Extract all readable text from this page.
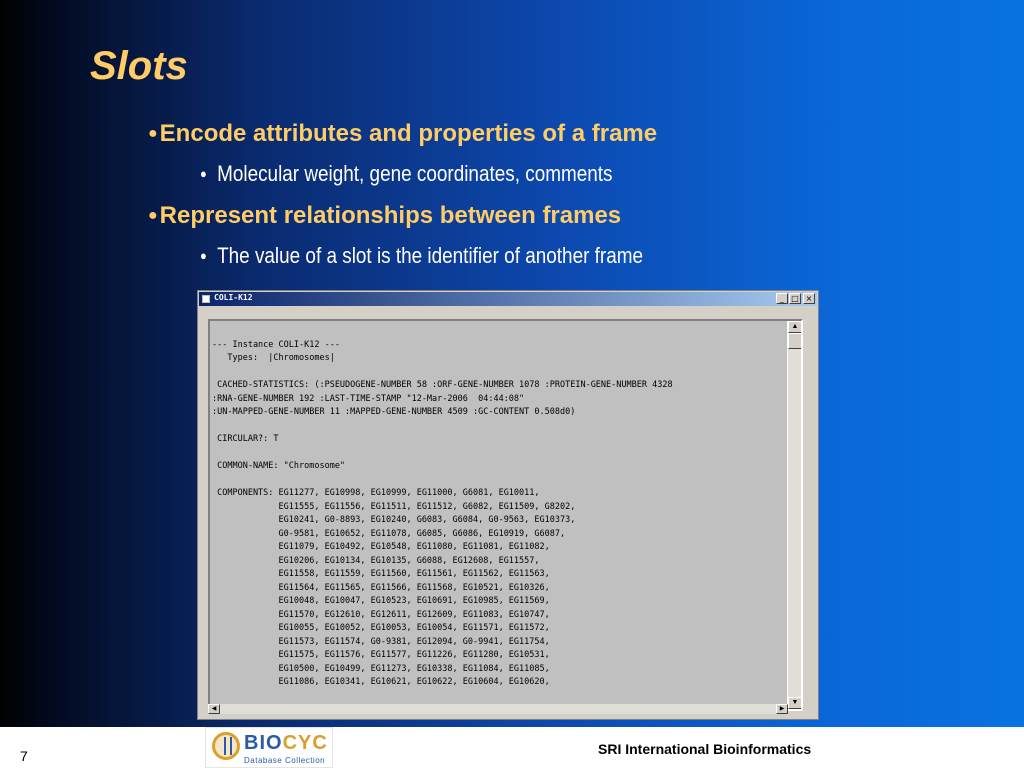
Slots
●Encode attributes and properties of a frame
● Molecular weight, gene coordinates, comments
●Represent relationships between frames
● The value of a slot is the identifier of another frame
COLI-K12	_ □ ×

--- Instance COLI-K12 ---
Types:  |Chromosomes|

CACHED-STATISTICS: (:PSEUDOGENE-NUMBER 58 :ORF-GENE-NUMBER 1078 :PROTEIN-GENE-NUMBER 4328
:RNA-GENE-NUMBER 192 :LAST-TIME-STAMP "12-Mar-2006  04:44:08"
:UN-MAPPED-GENE-NUMBER 11 :MAPPED-GENE-NUMBER 4509 :GC-CONTENT 0.508d0)

CIRCULAR?: T

COMMON-NAME: "Chromosome"

COMPONENTS: EG11277, EG10998, EG10999, EG11000, G6081, EG10011,
EG11555, EG11556, EG11511, EG11512, G6082, EG11509, G8202,
EG10241, G0-8893, EG10240, G6083, G6084, G0-9563, EG10373,
G0-9581, EG10652, EG11078, G6085, G6086, EG10919, G6087,
EG11079, EG10492, EG10548, EG11080, EG11081, EG11082,
EG10206, EG10134, EG10135, G6088, EG12608, EG11557,
EG11558, EG11559, EG11560, EG11561, EG11562, EG11563,
EG11564, EG11565, EG11566, EG11568, EG10521, EG10326,
EG10048, EG10047, EG10523, EG10691, EG10985, EG11569,
EG11570, EG12610, EG12611, EG12609, EG11083, EG10747,
EG10055, EG10052, EG10053, EG10054, EG11571, EG11572,
EG11573, EG11574, G0-9381, EG12094, G0-9941, EG11754,
EG11575, EG11576, EG11577, EG11226, EG11280, EG10531,
EG10500, EG10499, EG11273, EG10338, EG11084, EG11085,
EG11086, EG10341, EG10621, EG10622, EG10604, EG10620,
▲
▼
◀	▶
7
BIOCYC
Database Collection
SRI International Bioinformatics
